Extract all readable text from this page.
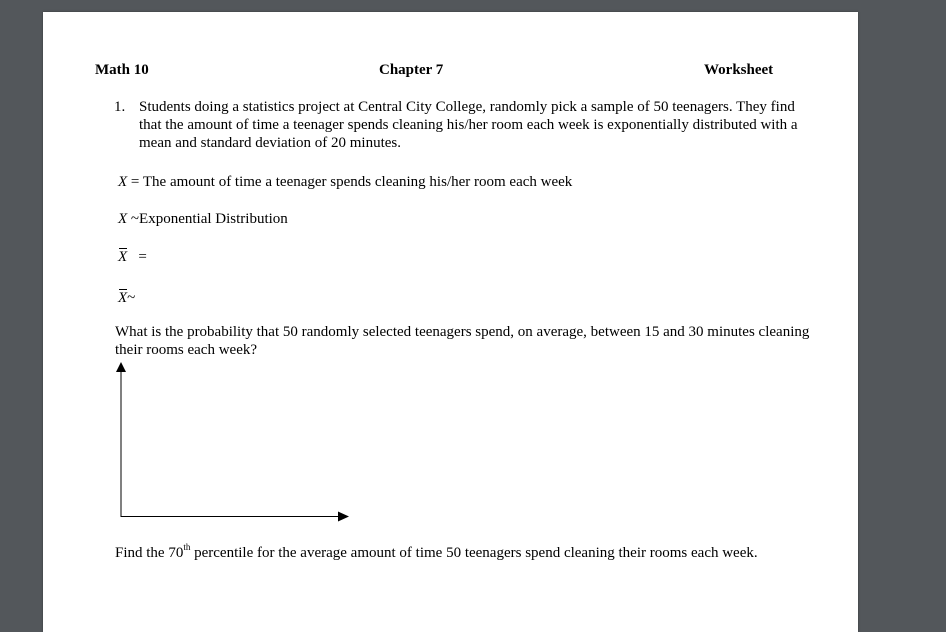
Math 10	Chapter 7	Worksheet
1. Students doing a statistics project at Central City College, randomly pick a sample of 50 teenagers. They find that the amount of time a teenager spends cleaning his/her room each week is exponentially distributed with a mean and standard deviation of 20 minutes.
X = The amount of time a teenager spends cleaning his/her room each week
X ~Exponential Distribution
X =
X~
What is the probability that 50 randomly selected teenagers spend, on average, between 15 and 30 minutes cleaning their rooms each week?
Find the 70th percentile for the average amount of time 50 teenagers spend cleaning their rooms each week.
